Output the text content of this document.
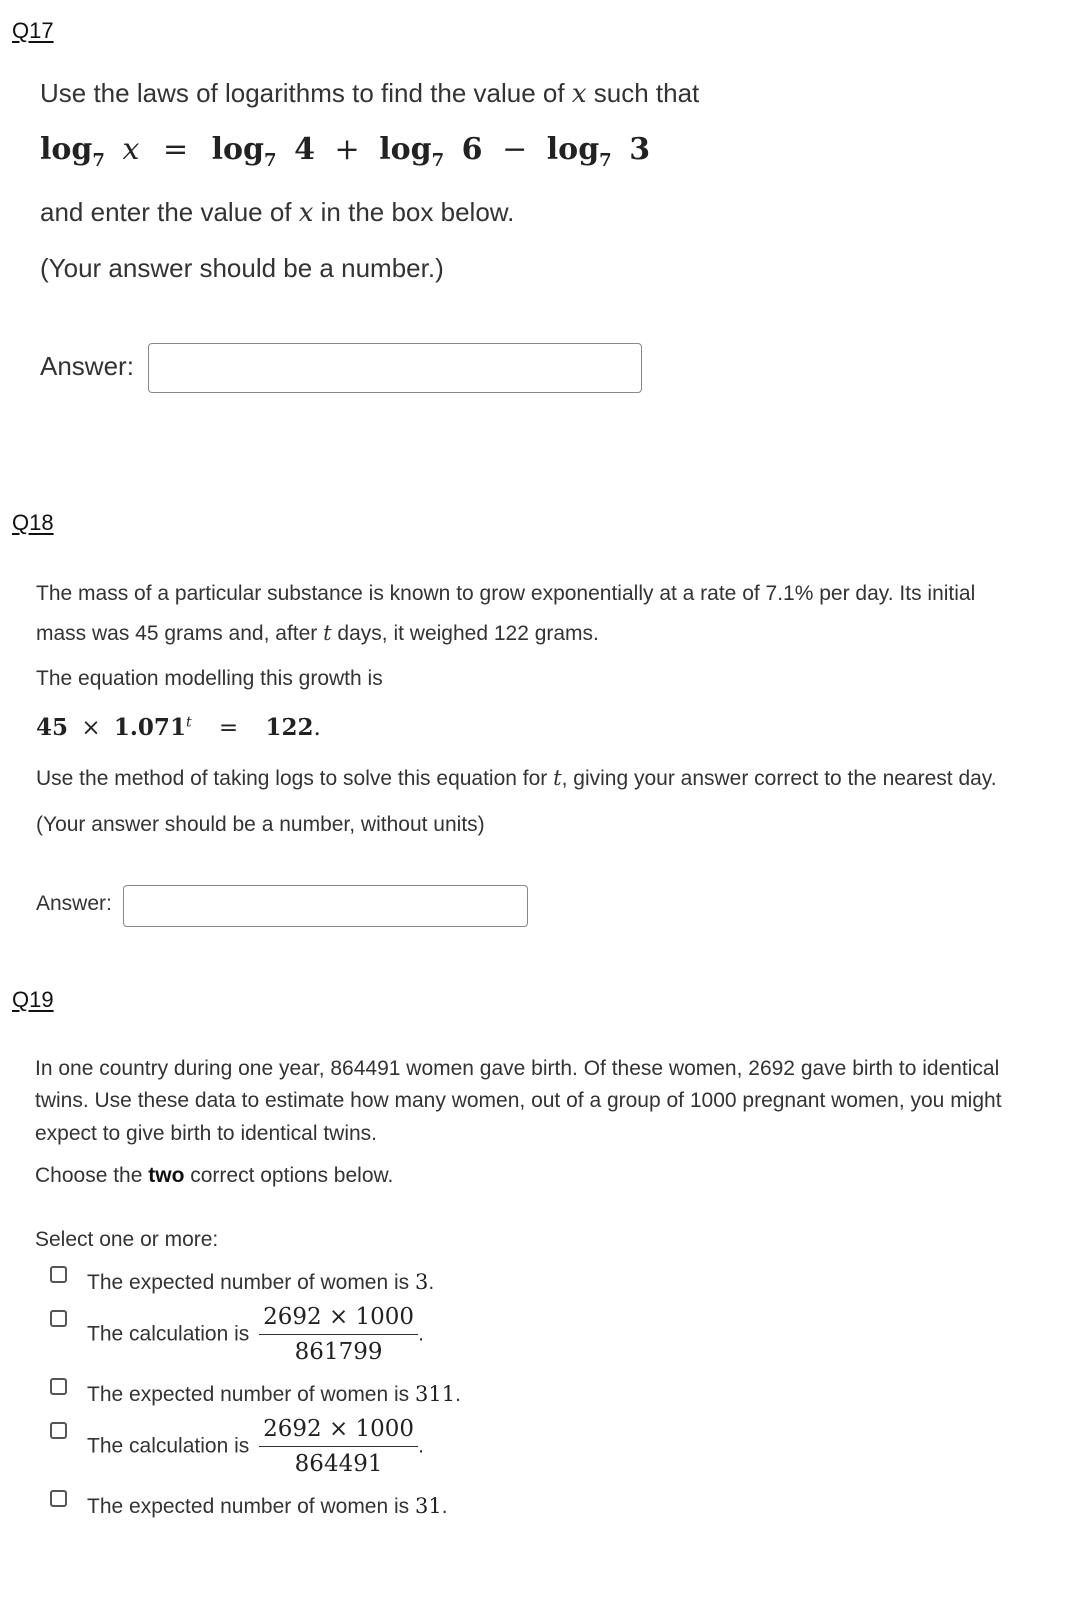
Q17
Use the laws of logarithms to find the value of x such that
$\log_7 x = \log_7 4 + \log_7 6 - \log_7 3$
and enter the value of x in the box below.
(Your answer should be a number.)
Answer:
Q18
The mass of a particular substance is known to grow exponentially at a rate of 7.1% per day. Its initial
mass was 45 grams and, after t days, it weighed 122 grams.
The equation modelling this growth is
$45 \times 1.071^t = 122$.
Use the method of taking logs to solve this equation for t, giving your answer correct to the nearest day.
(Your answer should be a number, without units)
Answer:
Q19
In one country during one year, 864491 women gave birth. Of these women, 2692 gave birth to identical
twins. Use these data to estimate how many women, out of a group of 1000 pregnant women, you might
expect to give birth to identical twins.
Choose the two correct options below.
Select one or more:
The expected number of women is 3.
The calculation is $\frac{2692 \times 1000}{861799}$ .
The expected number of women is 311.
The calculation is $\frac{2692 \times 1000}{864491}$ .
The expected number of women is 31.
